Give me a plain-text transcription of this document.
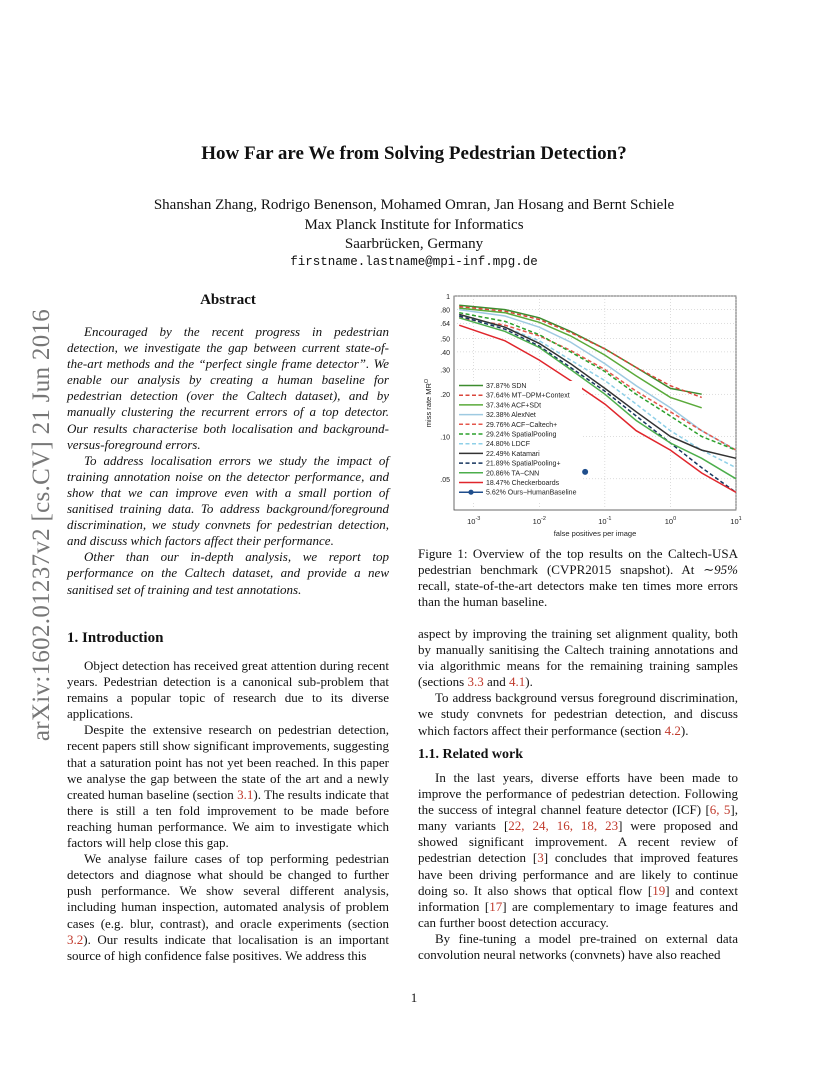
arXiv:1602.01237v2 [cs.CV] 21 Jun 2016
How Far are We from Solving Pedestrian Detection?
Shanshan Zhang, Rodrigo Benenson, Mohamed Omran, Jan Hosang and Bernt Schiele
Max Planck Institute for Informatics
Saarbrücken, Germany
firstname.lastname@mpi-inf.mpg.de
Abstract

Encouraged by the recent progress in pedestrian detection, we investigate the gap between current state-of-the-art methods and the “perfect single frame detector”. We enable our analysis by creating a human baseline for pedestrian detection (over the Caltech dataset), and by manually clustering the recurrent errors of a top detector. Our results characterise both localisation and background-versus-foreground errors.

To address localisation errors we study the impact of training annotation noise on the detector performance, and show that we can improve even with a small portion of sanitised training data. To address background/foreground discrimination, we study convnets for pedestrian detection, and discuss which factors affect their performance.

Other than our in-depth analysis, we report top performance on the Caltech dataset, and provide a new sanitised set of training and test annotations.

1. Introduction

Object detection has received great attention during recent years. Pedestrian detection is a canonical sub-problem that remains a popular topic of research due to its diverse applications.

Despite the extensive research on pedestrian detection, recent papers still show significant improvements, suggesting that a saturation point has not yet been reached. In this paper we analyse the gap between the state of the art and a newly created human baseline (section 3.1). The results indicate that there is still a ten fold improvement to be made before reaching human performance. We aim to investigate which factors will help close this gap.

We analyse failure cases of top performing pedestrian detectors and diagnose what should be changed to further push performance. We show several different analysis, including human inspection, automated analysis of problem cases (e.g. blur, contrast), and oracle experiments (section 3.2). Our results indicate that localisation is an important source of high confidence false positives. We address this

1
.80
.64
.50
.40
.30
.20
.10
.05
$10^{-3}$	$10^{-2}$	$10^{-1}$	$10^0$	$10^1$
false positives per image
miss rate $MR^O$
37.87% SDN
37.64% MT−DPM+Context
37.34% ACF+SDt
32.38% AlexNet
29.76% ACF−Caltech+
29.24% SpatialPooling
24.80% LDCF
22.49% Katamari
21.89% SpatialPooling+
20.86% TA−CNN
18.47% Checkerboards
5.62% Ours−HumanBaseline
Figure 1: Overview of the top results on the Caltech-USA pedestrian benchmark (CVPR2015 snapshot). At ∼95% recall, state-of-the-art detectors make ten times more errors than the human baseline.

aspect by improving the training set alignment quality, both by manually sanitising the Caltech training annotations and via algorithmic means for the remaining training samples (sections 3.3 and 4.1).

To address background versus foreground discrimination, we study convnets for pedestrian detection, and discuss which factors affect their performance (section 4.2).

1.1. Related work

In the last years, diverse efforts have been made to improve the performance of pedestrian detection. Following the success of integral channel feature detector (ICF) [6, 5], many variants [22, 24, 16, 18, 23] were proposed and showed significant improvement. A recent review of pedestrian detection [3] concludes that improved features have been driving performance and are likely to continue doing so. It also shows that optical flow [19] and context information [17] are complementary to image features and can further boost detection accuracy.

By fine-tuning a model pre-trained on external data convolution neural networks (convnets) have also reached

1
